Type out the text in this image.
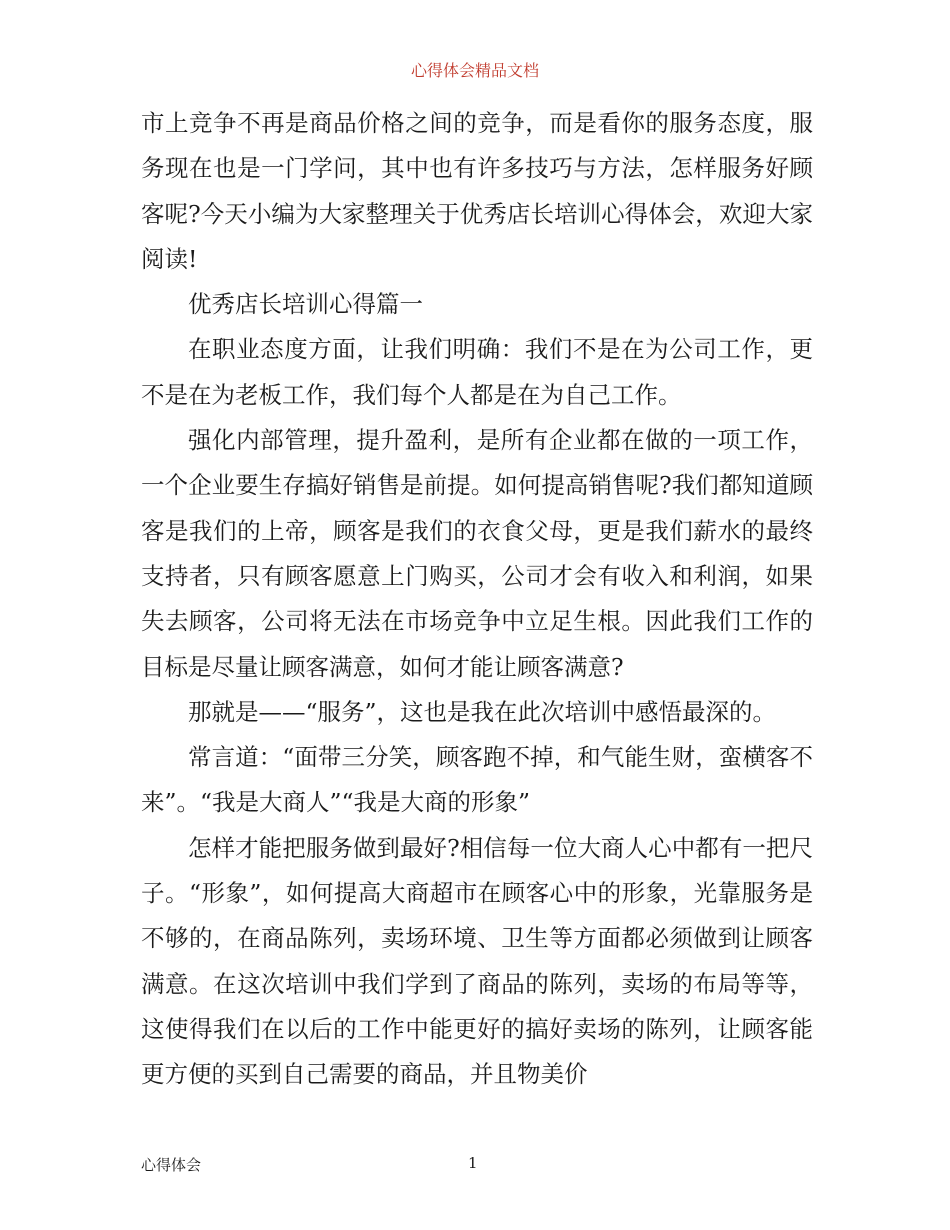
心得体会精品文档

市上竞争不再是商品价格之间的竞争，而是看你的服务态度，服务现在也是一门学问，其中也有许多技巧与方法，怎样服务好顾客呢?今天小编为大家整理关于优秀店长培训心得体会，欢迎大家阅读!

优秀店长培训心得篇一

在职业态度方面，让我们明确：我们不是在为公司工作，更不是在为老板工作，我们每个人都是在为自己工作。

强化内部管理，提升盈利，是所有企业都在做的一项工作，一个企业要生存搞好销售是前提。如何提高销售呢?我们都知道顾客是我们的上帝，顾客是我们的衣食父母，更是我们薪水的最终支持者，只有顾客愿意上门购买，公司才会有收入和利润，如果失去顾客，公司将无法在市场竞争中立足生根。因此我们工作的目标是尽量让顾客满意，如何才能让顾客满意?

那就是——“服务”，这也是我在此次培训中感悟最深的。

常言道：“面带三分笑，顾客跑不掉，和气能生财，蛮横客不来”。“我是大商人”“我是大商的形象”

怎样才能把服务做到最好?相信每一位大商人心中都有一把尺子。“形象”，如何提高大商超市在顾客心中的形象，光靠服务是不够的，在商品陈列，卖场环境、卫生等方面都必须做到让顾客满意。在这次培训中我们学到了商品的陈列，卖场的布局等等，这使得我们在以后的工作中能更好的搞好卖场的陈列，让顾客能更方便的买到自己需要的商品，并且物美价

心得体会	1
